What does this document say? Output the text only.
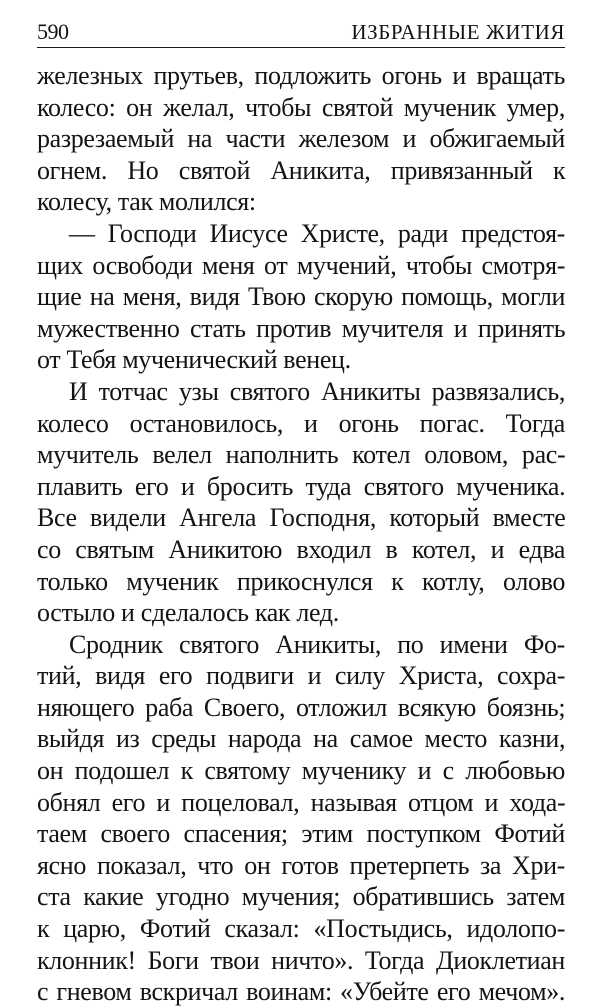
590	ИЗБРАННЫЕ ЖИТИЯ
железных прутьев, подложить огонь и вращать
колесо: он желал, чтобы святой мученик умер,
разрезаемый на части железом и обжигаемый
огнем. Но святой Аникита, привязанный к
колесу, так молился:
— Господи Иисусе Христе, ради предстоя-
щих освободи меня от мучений, чтобы смотря-
щие на меня, видя Твою скорую помощь, могли
мужественно стать против мучителя и принять
от Тебя мученический венец.
И тотчас узы святого Аникиты развязались,
колесо остановилось, и огонь погас. Тогда
мучитель велел наполнить котел оловом, рас-
плавить его и бросить туда святого мученика.
Все видели Ангела Господня, который вместе
со святым Аникитою входил в котел, и едва
только мученик прикоснулся к котлу, олово
остыло и сделалось как лед.
Сродник святого Аникиты, по имени Фо-
тий, видя его подвиги и силу Христа, сохра-
няющего раба Своего, отложил всякую боязнь;
выйдя из среды народа на самое место казни,
он подошел к святому мученику и с любовью
обнял его и поцеловал, называя отцом и хода-
таем своего спасения; этим поступком Фотий
ясно показал, что он готов претерпеть за Хри-
ста какие угодно мучения; обратившись затем
к царю, Фотий сказал: «Постыдись, идолопо-
клонник! Боги твои ничто». Тогда Диоклетиан
с гневом вскричал воинам: «Убейте его мечом».
